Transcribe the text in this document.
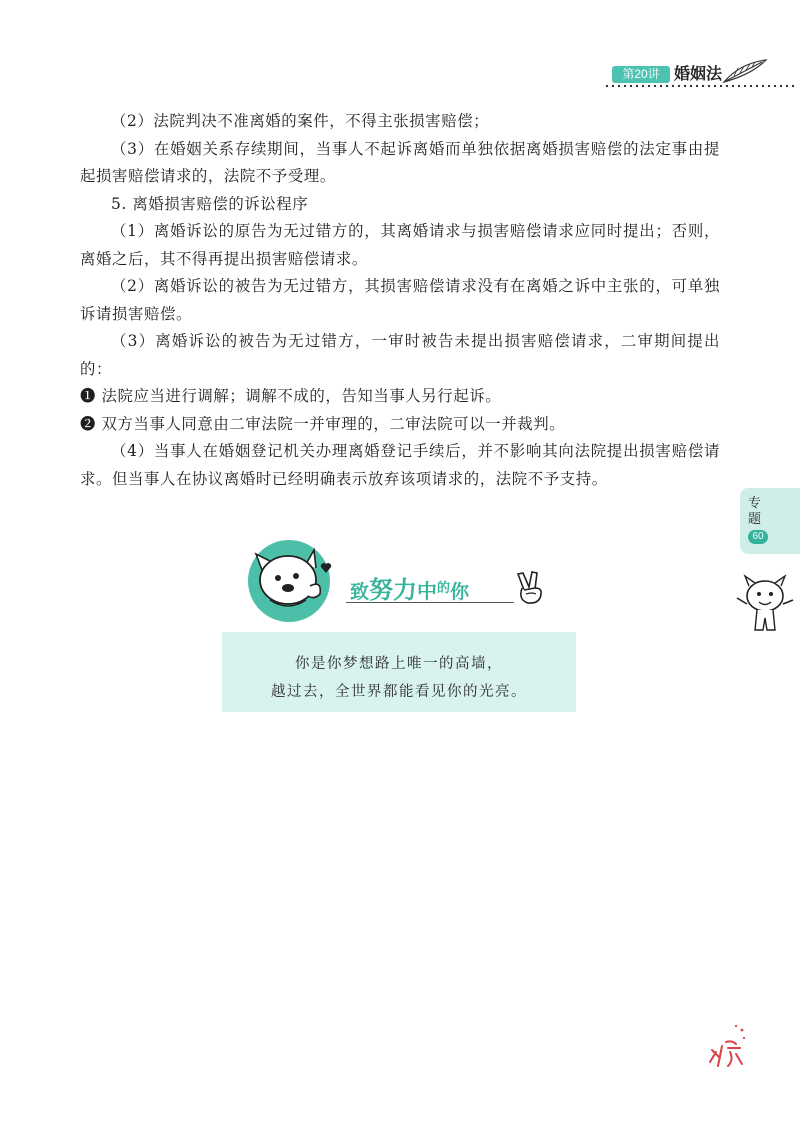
第20讲 婚姻法

（2）法院判决不准离婚的案件，不得主张损害赔偿；

（3）在婚姻关系存续期间，当事人不起诉离婚而单独依据离婚损害赔偿的法定事由提起损害赔偿请求的，法院不予受理。

5. 离婚损害赔偿的诉讼程序

（1）离婚诉讼的原告为无过错方的，其离婚请求与损害赔偿请求应同时提出；否则，离婚之后，其不得再提出损害赔偿请求。

（2）离婚诉讼的被告为无过错方，其损害赔偿请求没有在离婚之诉中主张的，可单独诉请损害赔偿。

（3）离婚诉讼的被告为无过错方，一审时被告未提出损害赔偿请求，二审期间提出的：

❶ 法院应当进行调解；调解不成的，告知当事人另行起诉。

❷ 双方当事人同意由二审法院一并审理的，二审法院可以一并裁判。

（4）当事人在婚姻登记机关办理离婚登记手续后，并不影响其向法院提出损害赔偿请求。但当事人在协议离婚时已经明确表示放弃该项请求的，法院不予支持。

专题
60
致努力中$^的$你
你是你梦想路上唯一的高墙，
越过去，全世界都能看见你的光亮。
